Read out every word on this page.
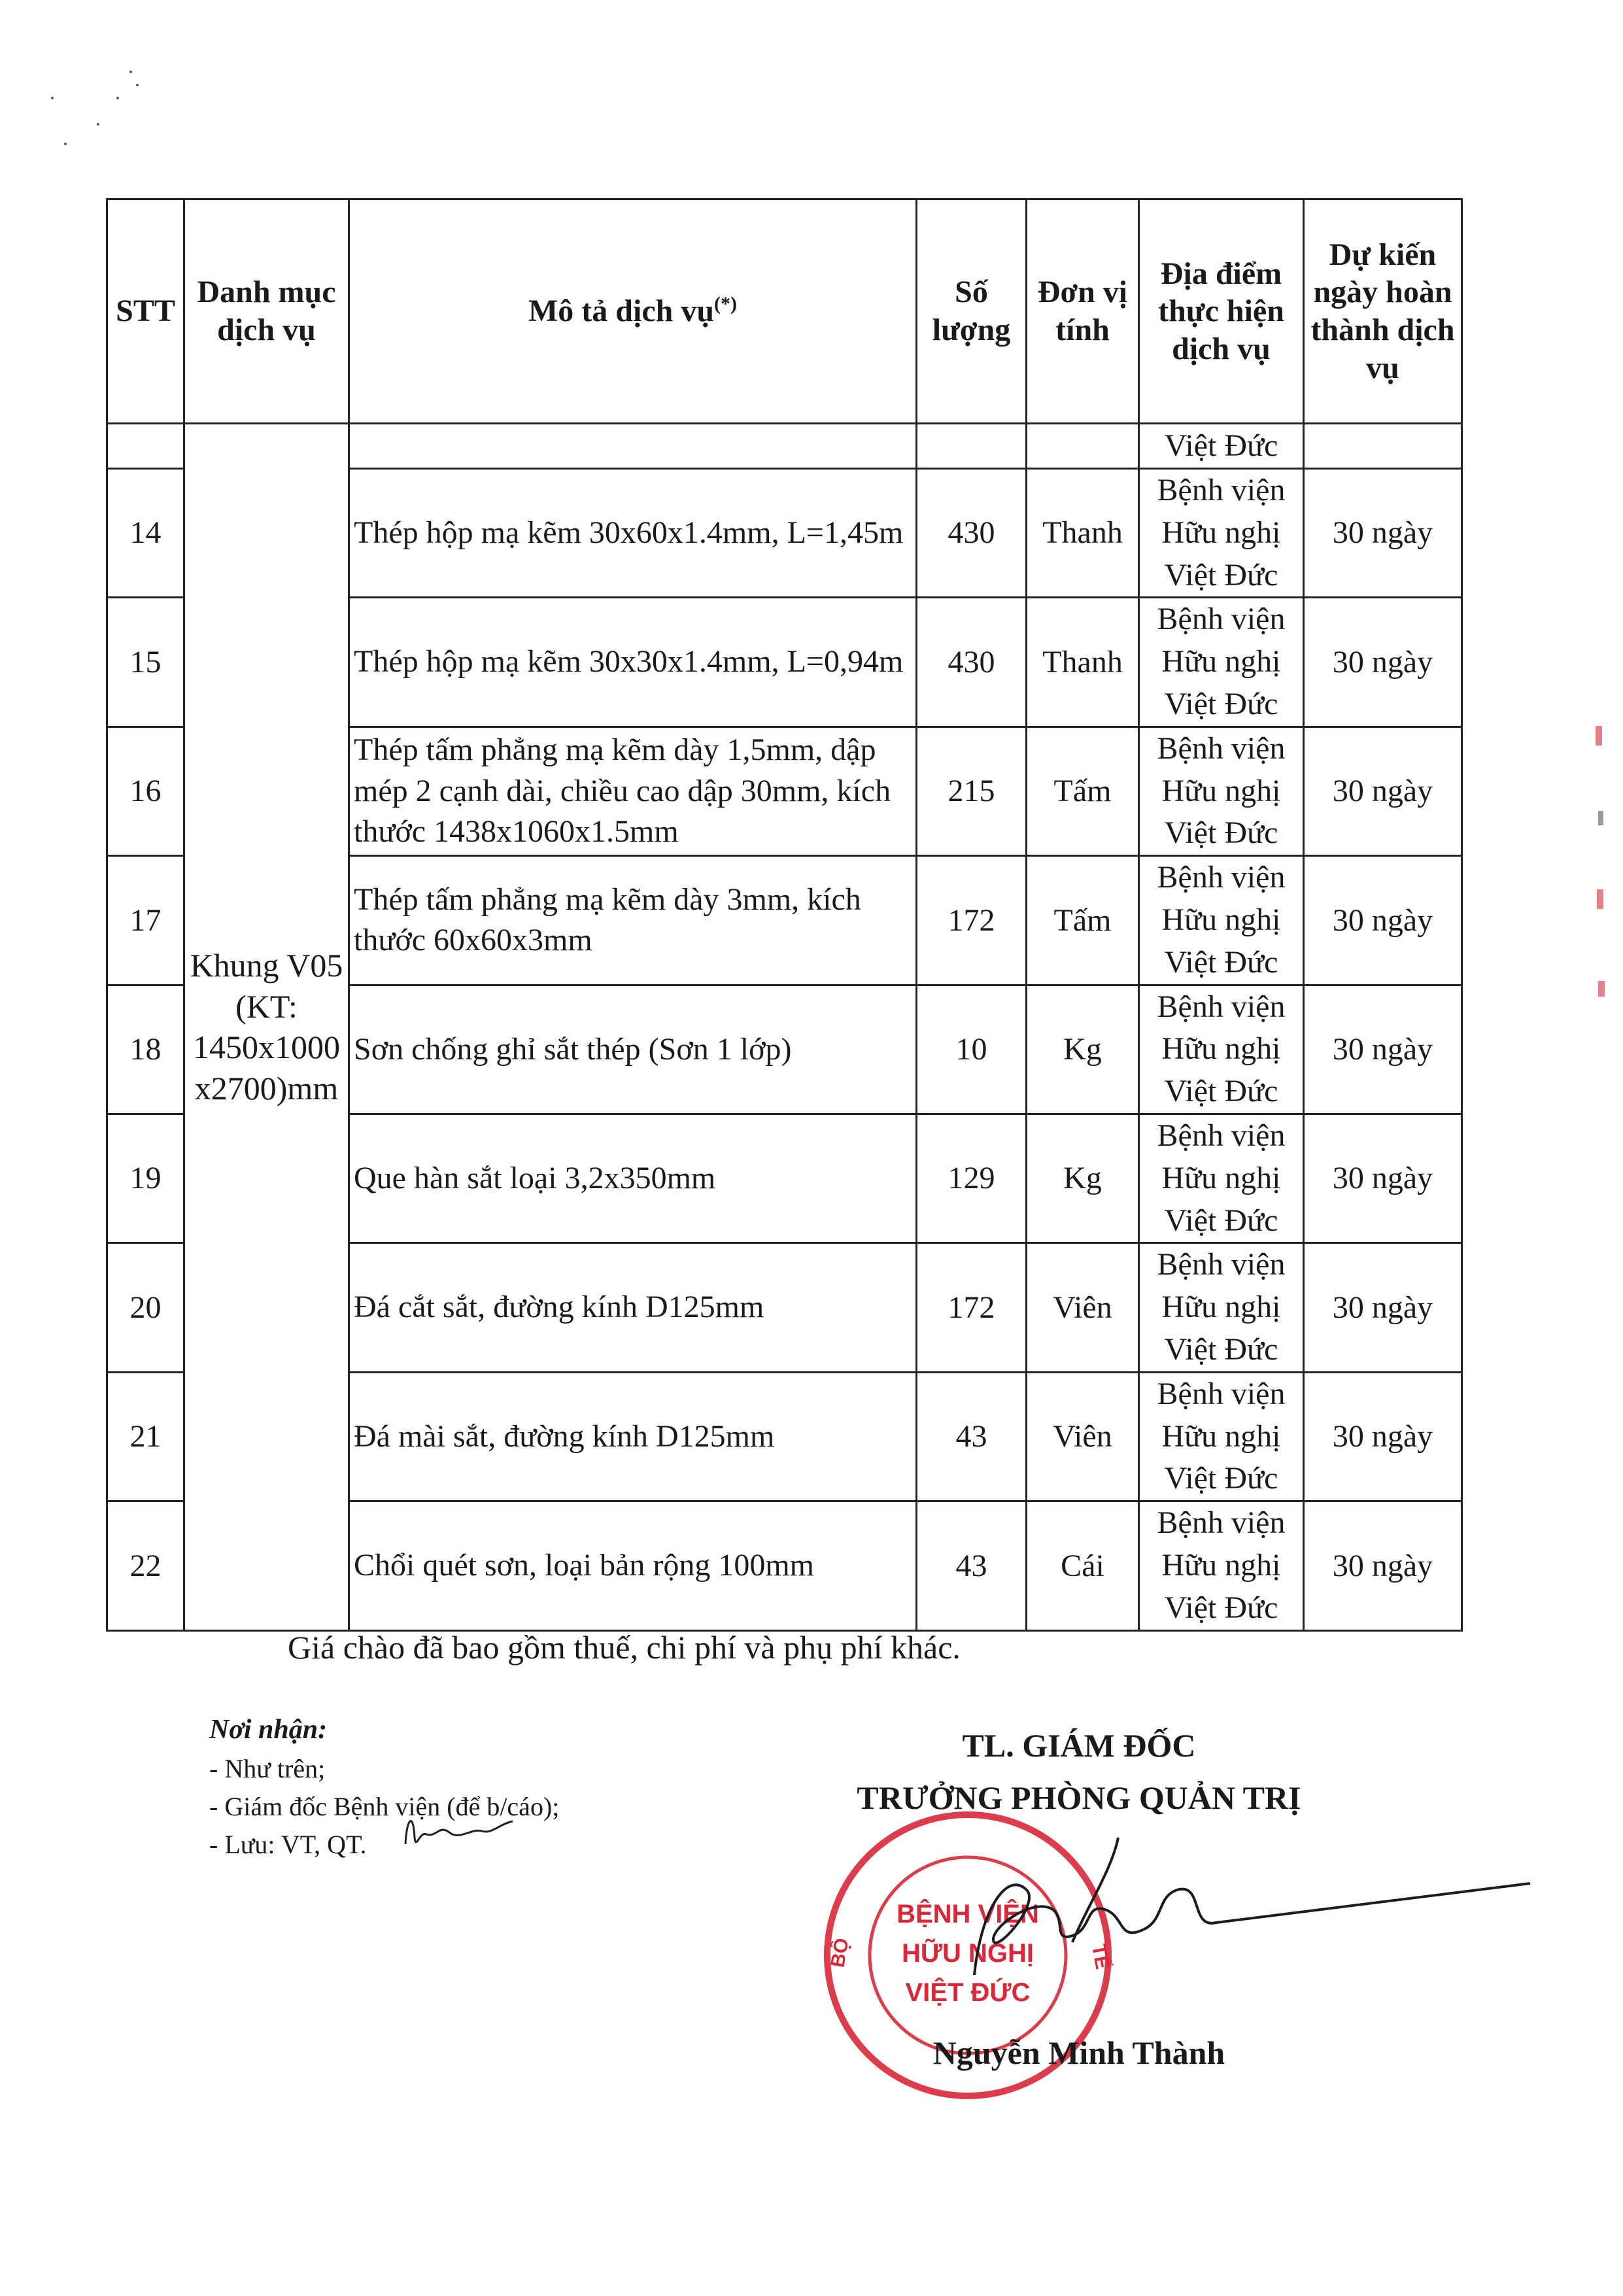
STT	Danh mục dịch vụ	Mô tả dịch vụ(*)	Số lượng	Đơn vị tính	Địa điểm thực hiện dịch vụ	Dự kiến ngày hoàn thành dịch vụ
	Khung V05 (KT: 1450x1000 x2700)mm				Việt Đức	
14		Thép hộp mạ kẽm 30x60x1.4mm, L=1,45m	430	Thanh	Bệnh viện Hữu nghị Việt Đức	30 ngày
15		Thép hộp mạ kẽm 30x30x1.4mm, L=0,94m	430	Thanh	Bệnh viện Hữu nghị Việt Đức	30 ngày
16		Thép tấm phẳng mạ kẽm dày 1,5mm, dập mép 2 cạnh dài, chiều cao dập 30mm, kích thước 1438x1060x1.5mm	215	Tấm	Bệnh viện Hữu nghị Việt Đức	30 ngày
17		Thép tấm phẳng mạ kẽm dày 3mm, kích thước 60x60x3mm	172	Tấm	Bệnh viện Hữu nghị Việt Đức	30 ngày
18		Sơn chống ghỉ sắt thép (Sơn 1 lớp)	10	Kg	Bệnh viện Hữu nghị Việt Đức	30 ngày
19		Que hàn sắt loại 3,2x350mm	129	Kg	Bệnh viện Hữu nghị Việt Đức	30 ngày
20		Đá cắt sắt, đường kính D125mm	172	Viên	Bệnh viện Hữu nghị Việt Đức	30 ngày
21		Đá mài sắt, đường kính D125mm	43	Viên	Bệnh viện Hữu nghị Việt Đức	30 ngày
22		Chổi quét sơn, loại bản rộng 100mm	43	Cái	Bệnh viện Hữu nghị Việt Đức	30 ngày
Giá chào đã bao gồm thuế, chi phí và phụ phí khác.
Nơi nhận:
- Như trên;
- Giám đốc Bệnh viện (để b/cáo);
- Lưu: VT, QT.
TL. GIÁM ĐỐC
TRƯỞNG PHÒNG QUẢN TRỊ
BỆNH VIỆN
HỮU NGHỊ
VIỆT ĐỨC
BỘ	TẾ
Nguyễn Minh Thành
